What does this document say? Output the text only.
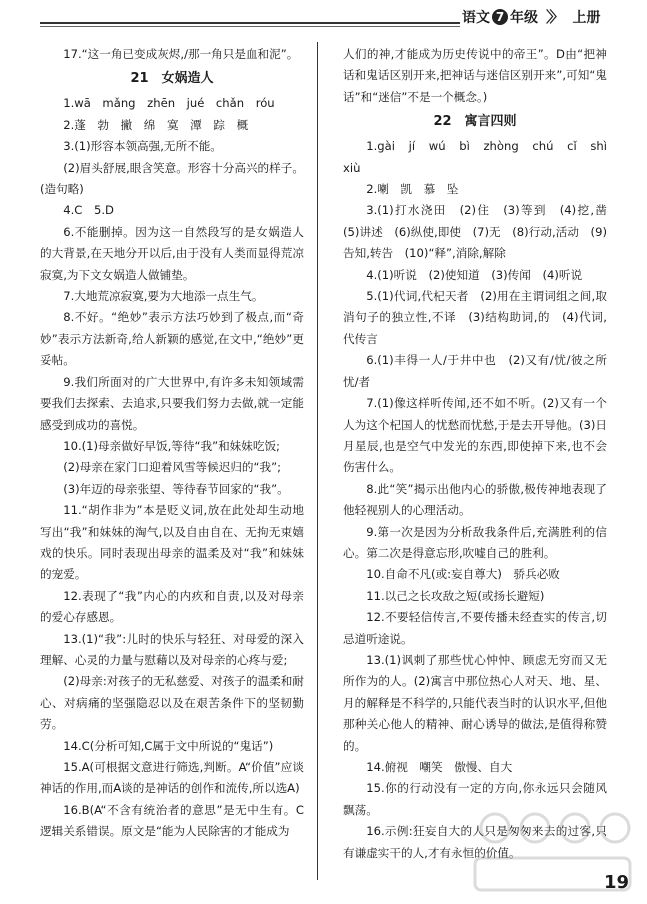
语文 7 年级 〉〉 上册

17.“这一角已变成灰烬,/那一角只是血和泥”。

21　女娲造人

1.wā　mǎng　zhēn　jué　chǎn　róu

2.蓬　勃　撇　绵　寞　潭　踪　概

3.(1)形容本领高强,无所不能。

(2)眉头舒展,眼含笑意。形容十分高兴的样子。(造句略)

4.C　5.D

6.不能删掉。因为这一自然段写的是女娲造人的大背景,在天地分开以后,由于没有人类而显得荒凉寂寞,为下文女娲造人做铺垫。

7.大地荒凉寂寞,要为大地添一点生气。

8.不好。“绝妙”表示方法巧妙到了极点,而“奇妙”表示方法新奇,给人新颖的感觉,在文中,“绝妙”更妥帖。

9.我们所面对的广大世界中,有许多未知领域需要我们去探索、去追求,只要我们努力去做,就一定能感受到成功的喜悦。

10.(1)母亲做好早饭,等待“我”和妹妹吃饭;

(2)母亲在家门口迎着风雪等候迟归的“我”;

(3)年迈的母亲张望、等待春节回家的“我”。

11.“胡作非为”本是贬义词,放在此处却生动地写出“我”和妹妹的淘气,以及自由自在、无拘无束嬉戏的快乐。同时表现出母亲的温柔及对“我”和妹妹的宠爱。

12.表现了“我”内心的内疚和自责,以及对母亲的爱心存感恩。

13.(1)“我”:儿时的快乐与轻狂、对母爱的深入理解、心灵的力量与慰藉以及对母亲的心疼与爱;

(2)母亲:对孩子的无私慈爱、对孩子的温柔和耐心、对病痛的坚强隐忍以及在艰苦条件下的坚韧勤劳。

14.C(分析可知,C属于文中所说的“鬼话”)

15.A(可根据文意进行筛选,判断。A“价值”应谈神话的作用,而A谈的是神话的创作和流传,所以选A)

16.B(A“不含有统治者的意思”是无中生有。C逻辑关系错误。原文是“能为人民除害的才能成为

人们的神,才能成为历史传说中的帝王”。D由“把神话和鬼话区别开来,把神话与迷信区别开来”,可知“鬼话”和“迷信”不是一个概念。)

22　寓言四则

1.gài　jí　wú　bì　zhòng　chú　cǐ　shì　xiù

2.喇　凯　慕　坠

3.(1)打水浇田　(2)住　(3)等到　(4)挖,凿　(5)讲述　(6)纵使,即使　(7)无　(8)行动,活动　(9)告知,转告　(10)“释”,消除,解除

4.(1)听说　(2)使知道　(3)传闻　(4)听说

5.(1)代词,代杞天者　(2)用在主谓词组之间,取消句子的独立性,不译　(3)结构助词,的　(4)代词,代传言

6.(1)丰得一人/于井中也　(2)又有/忧/彼之所忧/者

7.(1)像这样听传闻,还不如不听。(2)又有一个人为这个杞国人的忧愁而忧愁,于是去开导他。(3)日月星辰,也是空气中发光的东西,即使掉下来,也不会伤害什么。

8.此“笑”揭示出他内心的骄傲,极传神地表现了他轻视别人的心理活动。

9.第一次是因为分析敌我条件后,充满胜利的信心。第二次是得意忘形,吹嘘自己的胜利。

10.自命不凡(或:妄自尊大)　骄兵必败

11.以己之长攻敌之短(或扬长避短)

12.不要轻信传言,不要传播未经查实的传言,切忌道听途说。

13.(1)讽刺了那些忧心忡忡、顾虑无穷而又无所作为的人。(2)寓言中那位热心人对天、地、星、月的解释是不科学的,只能代表当时的认识水平,但他那种关心他人的精神、耐心诱导的做法,是值得称赞的。

14.俯视　嘲笑　傲慢、自大

15.你的行动没有一定的方向,你永远只会随风飘荡。

16.示例:狂妄自大的人只是匆匆来去的过客,只有谦虚实干的人,才有永恒的价值。

19
